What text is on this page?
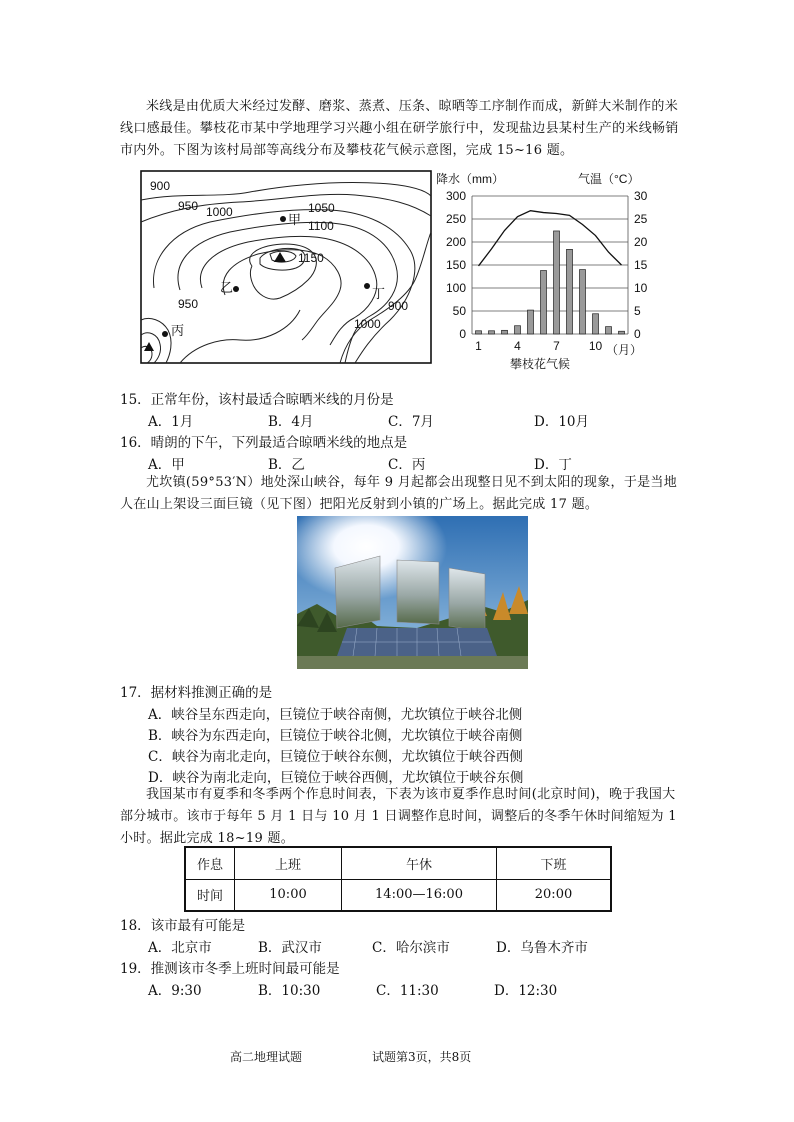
米线是由优质大米经过发酵、磨浆、蒸煮、压条、晾晒等工序制作而成，新鲜大米制作的米线口感最佳。攀枝花市某中学地理学习兴趣小组在研学旅行中，发现盐边县某村生产的米线畅销市内外。下图为该村局部等高线分布及攀枝花气候示意图，完成 15~16 题。
900
950 1000	1050
1100
1150
950
1000
900
甲
乙
丙
丁
0
50
100
150
200
250
300
0
5
10
15
20
25
30
1	4	7 10
降水（mm）	气温（°C）
（月）
攀枝花气候
15．正常年份，该村最适合晾晒米线的月份是
A．1月	B．4月	C．7月	D．10月
16．晴朗的下午，下列最适合晾晒米线的地点是
A．甲	B．乙	C．丙	D．丁
尤坎镇(59°53′N）地处深山峡谷，每年 9 月起都会出现整日见不到太阳的现象，于是当地人在山上架设三面巨镜（见下图）把阳光反射到小镇的广场上。据此完成 17 题。
17．据材料推测正确的是
A．峡谷呈东西走向，巨镜位于峡谷南侧，尤坎镇位于峡谷北侧
B．峡谷为东西走向，巨镜位于峡谷北侧，尤坎镇位于峡谷南侧
C．峡谷为南北走向，巨镜位于峡谷东侧，尤坎镇位于峡谷西侧
D．峡谷为南北走向，巨镜位于峡谷西侧，尤坎镇位于峡谷东侧
我国某市有夏季和冬季两个作息时间表，下表为该市夏季作息时间(北京时间)，晚于我国大部分城市。该市于每年 5 月 1 日与 10 月 1 日调整作息时间，调整后的冬季午休时间缩短为 1 小时。据此完成 18~19 题。
作息	上班	午休	下班
时间	10:00	14:00—16:00	20:00
18．该市最有可能是
A．北京市	B．武汉市	C．哈尔滨市	D．乌鲁木齐市
19．推测该市冬季上班时间最可能是
A．9:30	B．10:30	C．11:30	D．12:30
高二地理试题	试题第3页，共8页
